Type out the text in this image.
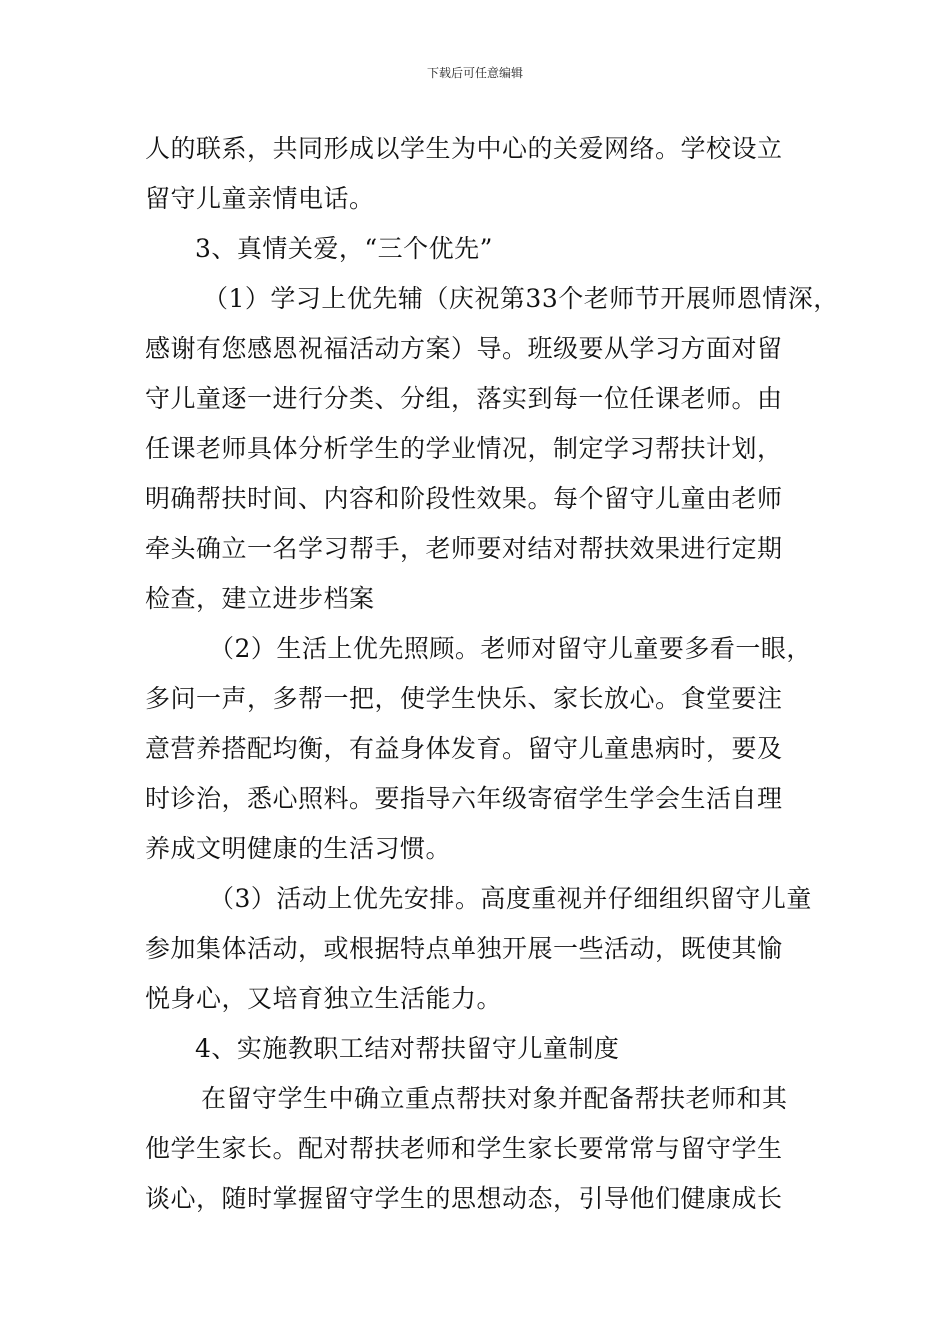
下载后可任意编辑
人的联系，共同形成以学生为中心的关爱网络。学校设立
留守儿童亲情电话。
3、真情关爱，“三个优先”
（1）学习上优先辅（庆祝第33个老师节开展师恩情深，
感谢有您感恩祝福活动方案）导。班级要从学习方面对留
守儿童逐一进行分类、分组，落实到每一位任课老师。由
任课老师具体分析学生的学业情况，制定学习帮扶计划，
明确帮扶时间、内容和阶段性效果。每个留守儿童由老师
牵头确立一名学习帮手，老师要对结对帮扶效果进行定期
检查，建立进步档案
（2）生活上优先照顾。老师对留守儿童要多看一眼，
多问一声，多帮一把，使学生快乐、家长放心。食堂要注
意营养搭配均衡，有益身体发育。留守儿童患病时，要及
时诊治，悉心照料。要指导六年级寄宿学生学会生活自理
养成文明健康的生活习惯。
（3）活动上优先安排。高度重视并仔细组织留守儿童
参加集体活动，或根据特点单独开展一些活动，既使其愉
悦身心，又培育独立生活能力。
4、实施教职工结对帮扶留守儿童制度
在留守学生中确立重点帮扶对象并配备帮扶老师和其
他学生家长。配对帮扶老师和学生家长要常常与留守学生
谈心，随时掌握留守学生的思想动态，引导他们健康成长
